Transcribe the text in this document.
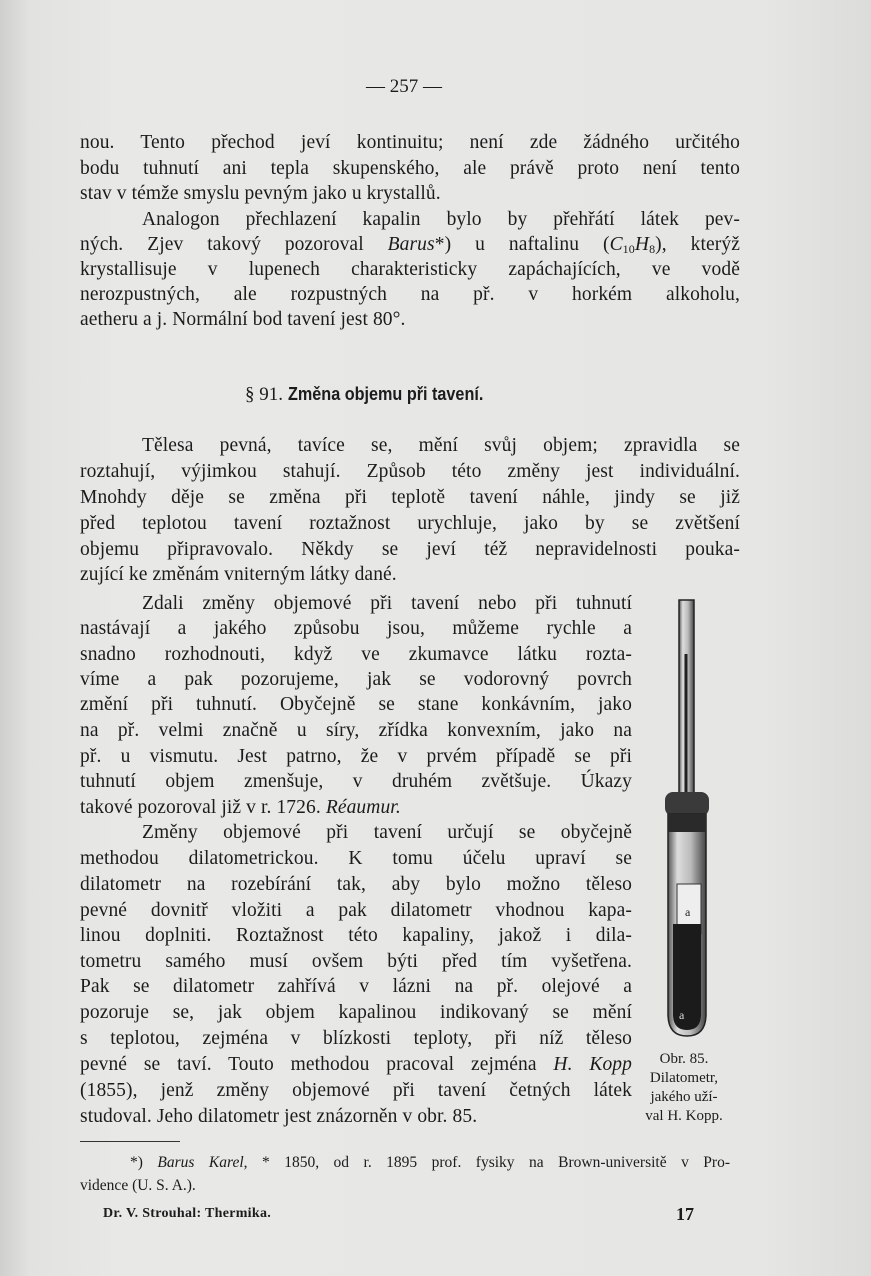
— 257 —
nou. Tento přechod jeví kontinuitu; není zde žádného určitého
bodu tuhnutí ani tepla skupenského, ale právě proto není tento
stav v témže smyslu pevným jako u krystallů.
Analogon přechlazení kapalin bylo by přehřátí látek pev-
ných. Zjev takový pozoroval Barus*) u naftalinu $(C_{10}H_8)$, kterýž
krystallisuje v lupenech charakteristicky zapáchajících, ve vodě
nerozpustných, ale rozpustných na př. v horkém alkoholu,
aetheru a j. Normální bod tavení jest 80°.
Tělesa pevná, tavíce se, mění svůj objem; zpravidla se
roztahují, výjimkou stahují. Způsob této změny jest individuální.
Mnohdy děje se změna při teplotě tavení náhle, jindy se již
před teplotou tavení roztažnost urychluje, jako by se zvětšení
objemu připravovalo. Někdy se jeví též nepravidelnosti pouka-
zující ke změnám vniterným látky dané.
Zdali změny objemové při tavení nebo při tuhnutí
nastávají a jakého způsobu jsou, můžeme rychle a
snadno rozhodnouti, když ve zkumavce látku rozta-
víme a pak pozorujeme, jak se vodorovný povrch
změní při tuhnutí. Obyčejně se stane konkávním, jako
na př. velmi značně u síry, zřídka konvexním, jako na
př. u vismutu. Jest patrno, že v prvém případě se při
tuhnutí objem zmenšuje, v druhém zvětšuje. Úkazy
takové pozoroval již v r. 1726. Réaumur.
Změny objemové při tavení určují se obyčejně
methodou dilatometrickou. K tomu účelu upraví se
dilatometr na rozebírání tak, aby bylo možno těleso
pevné dovnitř vložiti a pak dilatometr vhodnou kapa-
linou doplniti. Roztažnost této kapaliny, jakož i dila-
tometru samého musí ovšem býti před tím vyšetřena.
Pak se dilatometr zahřívá v lázni na př. olejové a
pozoruje se, jak objem kapalinou indikovaný se mění
s teplotou, zejména v blízkosti teploty, při níž těleso
pevné se taví. Touto methodou pracoval zejména H. Kopp
(1855), jenž změny objemové při tavení četných látek
studoval. Jeho dilatometr jest znázorněn v obr. 85.
§ 91. Změna objemu při tavení.
a
a
Obr. 85.
Dilatometr,
jakého uží-
val H. Kopp.
*) Barus Karel, * 1850, od r. 1895 prof. fysiky na Brown-universitě v Pro-
vidence (U. S. A.).
Dr. V. Strouhal: Thermika.	17
